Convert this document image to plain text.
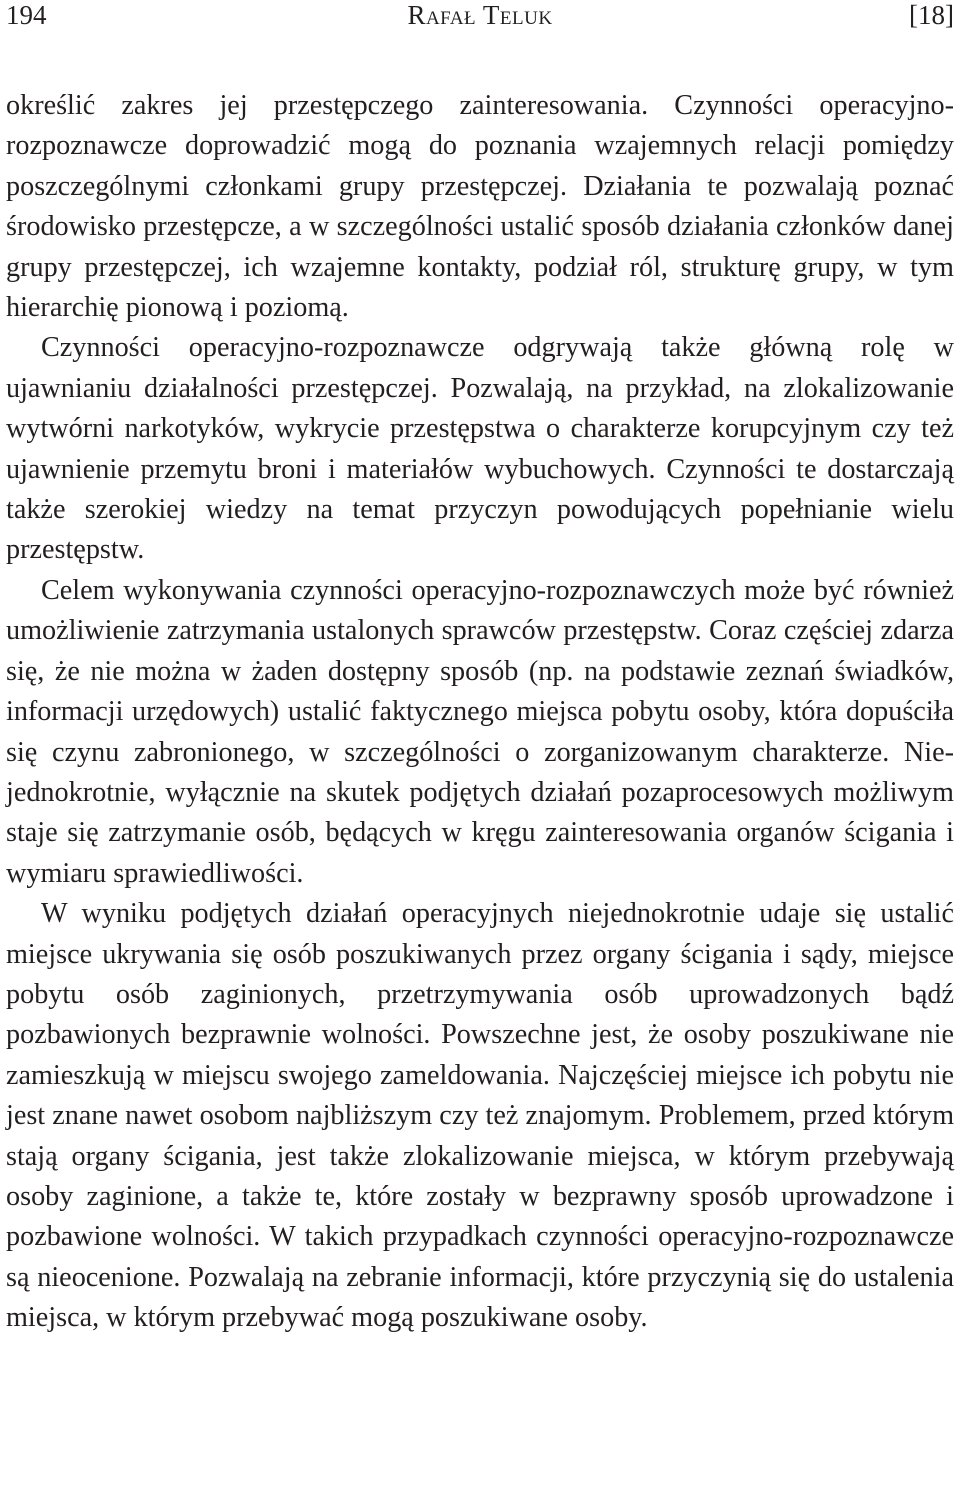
194	Rafał Teluk	[18]

określić zakres jej przestępczego zainteresowania. Czynności operacyjno-rozpoznawcze doprowadzić mogą do poznania wzajemnych relacji pomiędzy poszczególnymi członkami grupy przestępczej. Działania te pozwalają poznać środowisko przestępcze, a w szczególności ustalić sposób działania członków danej grupy przestępczej, ich wzajemne kontakty, podział ról, strukturę grupy, w tym hierarchię pionową i poziomą.

Czynności operacyjno-rozpoznawcze odgrywają także główną rolę w ujawnianiu działalności przestępczej. Pozwalają, na przykład, na zlokalizowanie wytwórni narkotyków, wykrycie przestępstwa o charakterze korupcyjnym czy też ujawnienie przemytu broni i materiałów wybuchowych. Czynności te dostarczają także szerokiej wiedzy na temat przyczyn powodujących popełnianie wielu przestępstw.

Celem wykonywania czynności operacyjno-rozpoznawczych może być również umożliwienie zatrzymania ustalonych sprawców przestępstw. Coraz częściej zdarza się, że nie można w żaden dostępny sposób (np. na podstawie zeznań świadków, informacji urzędowych) ustalić faktycznego miejsca pobytu osoby, która dopuściła się czynu zabronionego, w szczególności o zorganizowanym charakterze. Niejednokrotnie, wyłącznie na skutek podjętych działań pozaprocesowych możliwym staje się zatrzymanie osób, będących w kręgu zainteresowania organów ścigania i wymiaru sprawiedliwości.

W wyniku podjętych działań operacyjnych niejednokrotnie udaje się ustalić miejsce ukrywania się osób poszukiwanych przez organy ścigania i sądy, miejsce pobytu osób zaginionych, przetrzymywania osób uprowadzonych bądź pozbawionych bezprawnie wolności. Powszechne jest, że osoby poszukiwane nie zamieszkują w miejscu swojego zameldowania. Najczęściej miejsce ich pobytu nie jest znane nawet osobom najbliższym czy też znajomym. Problemem, przed którym stają organy ścigania, jest także zlokalizowanie miejsca, w którym przebywają osoby zaginione, a także te, które zostały w bezprawny sposób uprowadzone i pozbawione wolności. W takich przypadkach czynności operacyjno-rozpoznawcze są nieocenione. Pozwalają na zebranie informacji, które przyczynią się do ustalenia miejsca, w którym przebywać mogą poszukiwane osoby.
